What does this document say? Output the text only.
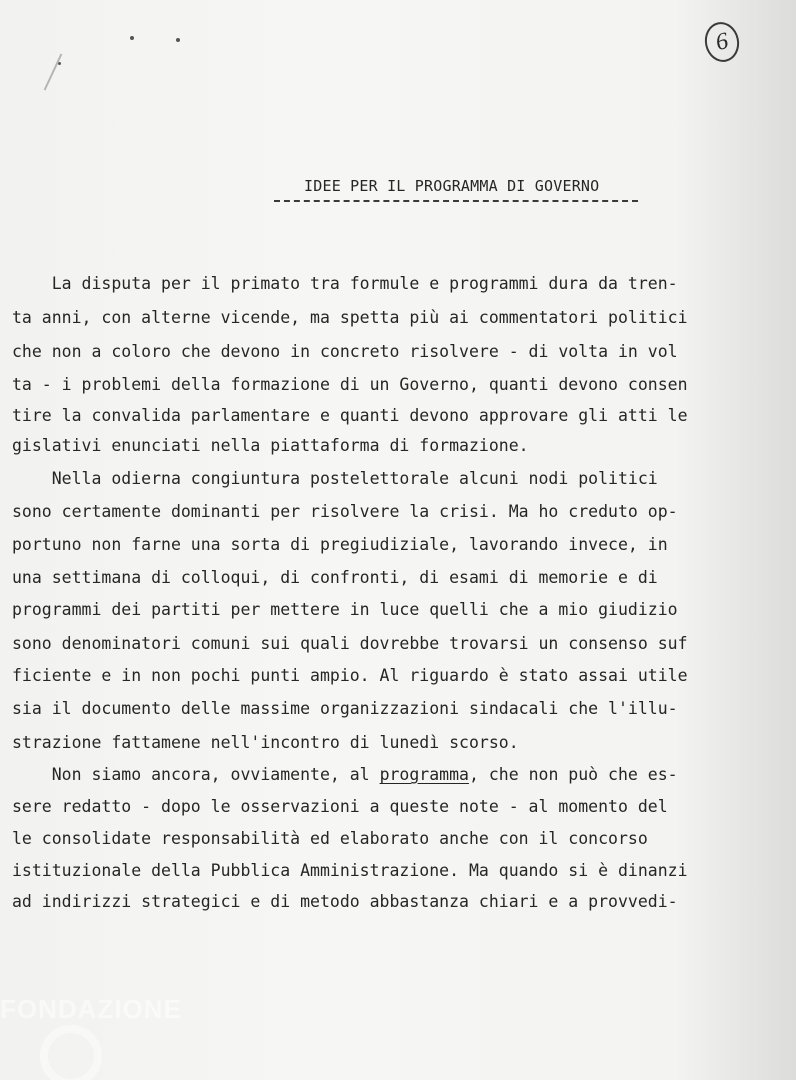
6
IDEE PER IL PROGRAMMA DI GOVERNO
La disputa per il primato tra formule e programmi dura da tren-
ta anni, con alterne vicende, ma spetta più ai commentatori politici
che non a coloro che devono in concreto risolvere - di volta in vol
ta - i problemi della formazione di un Governo, quanti devono consen
tire la convalida parlamentare e quanti devono approvare gli atti le
gislativi enunciati nella piattaforma di formazione.
Nella odierna congiuntura postelettorale alcuni nodi politici
sono certamente dominanti per risolvere la crisi. Ma ho creduto op-
portuno non farne una sorta di pregiudiziale, lavorando invece, in
una settimana di colloqui, di confronti, di esami di memorie e di
programmi dei partiti per mettere in luce quelli che a mio giudizio
sono denominatori comuni sui quali dovrebbe trovarsi un consenso suf
ficiente e in non pochi punti ampio. Al riguardo è stato assai utile
sia il documento delle massime organizzazioni sindacali che l'illu-
strazione fattamene nell'incontro di lunedì scorso.
Non siamo ancora, ovviamente, al programma, che non può che es-
sere redatto - dopo le osservazioni a queste note - al momento del
le consolidate responsabilità ed elaborato anche con il concorso
istituzionale della Pubblica Amministrazione. Ma quando si è dinanzi
ad indirizzi strategici e di metodo abbastanza chiari e a provvedi-
FONDAZIONE
